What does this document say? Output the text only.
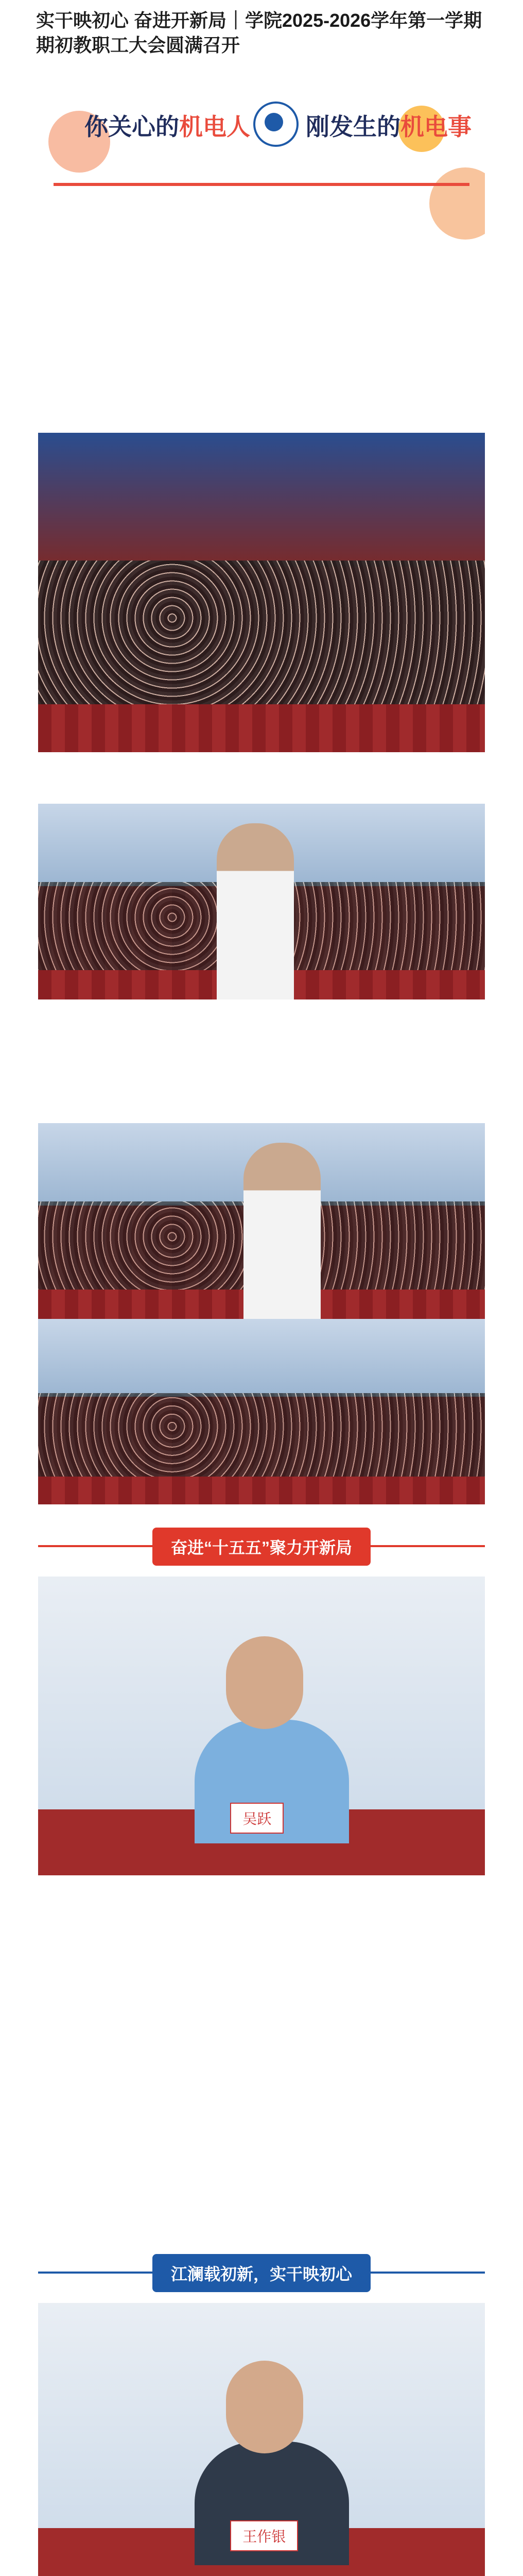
实干映初心 奋进开新局｜学院2025-2026学年第一学期期初教职工大会圆满召开
你关心的机电人 刚发生的机电事
奋进“十五五”聚力开新局
吴跃
江澜载初新，实干映初心
王作银
